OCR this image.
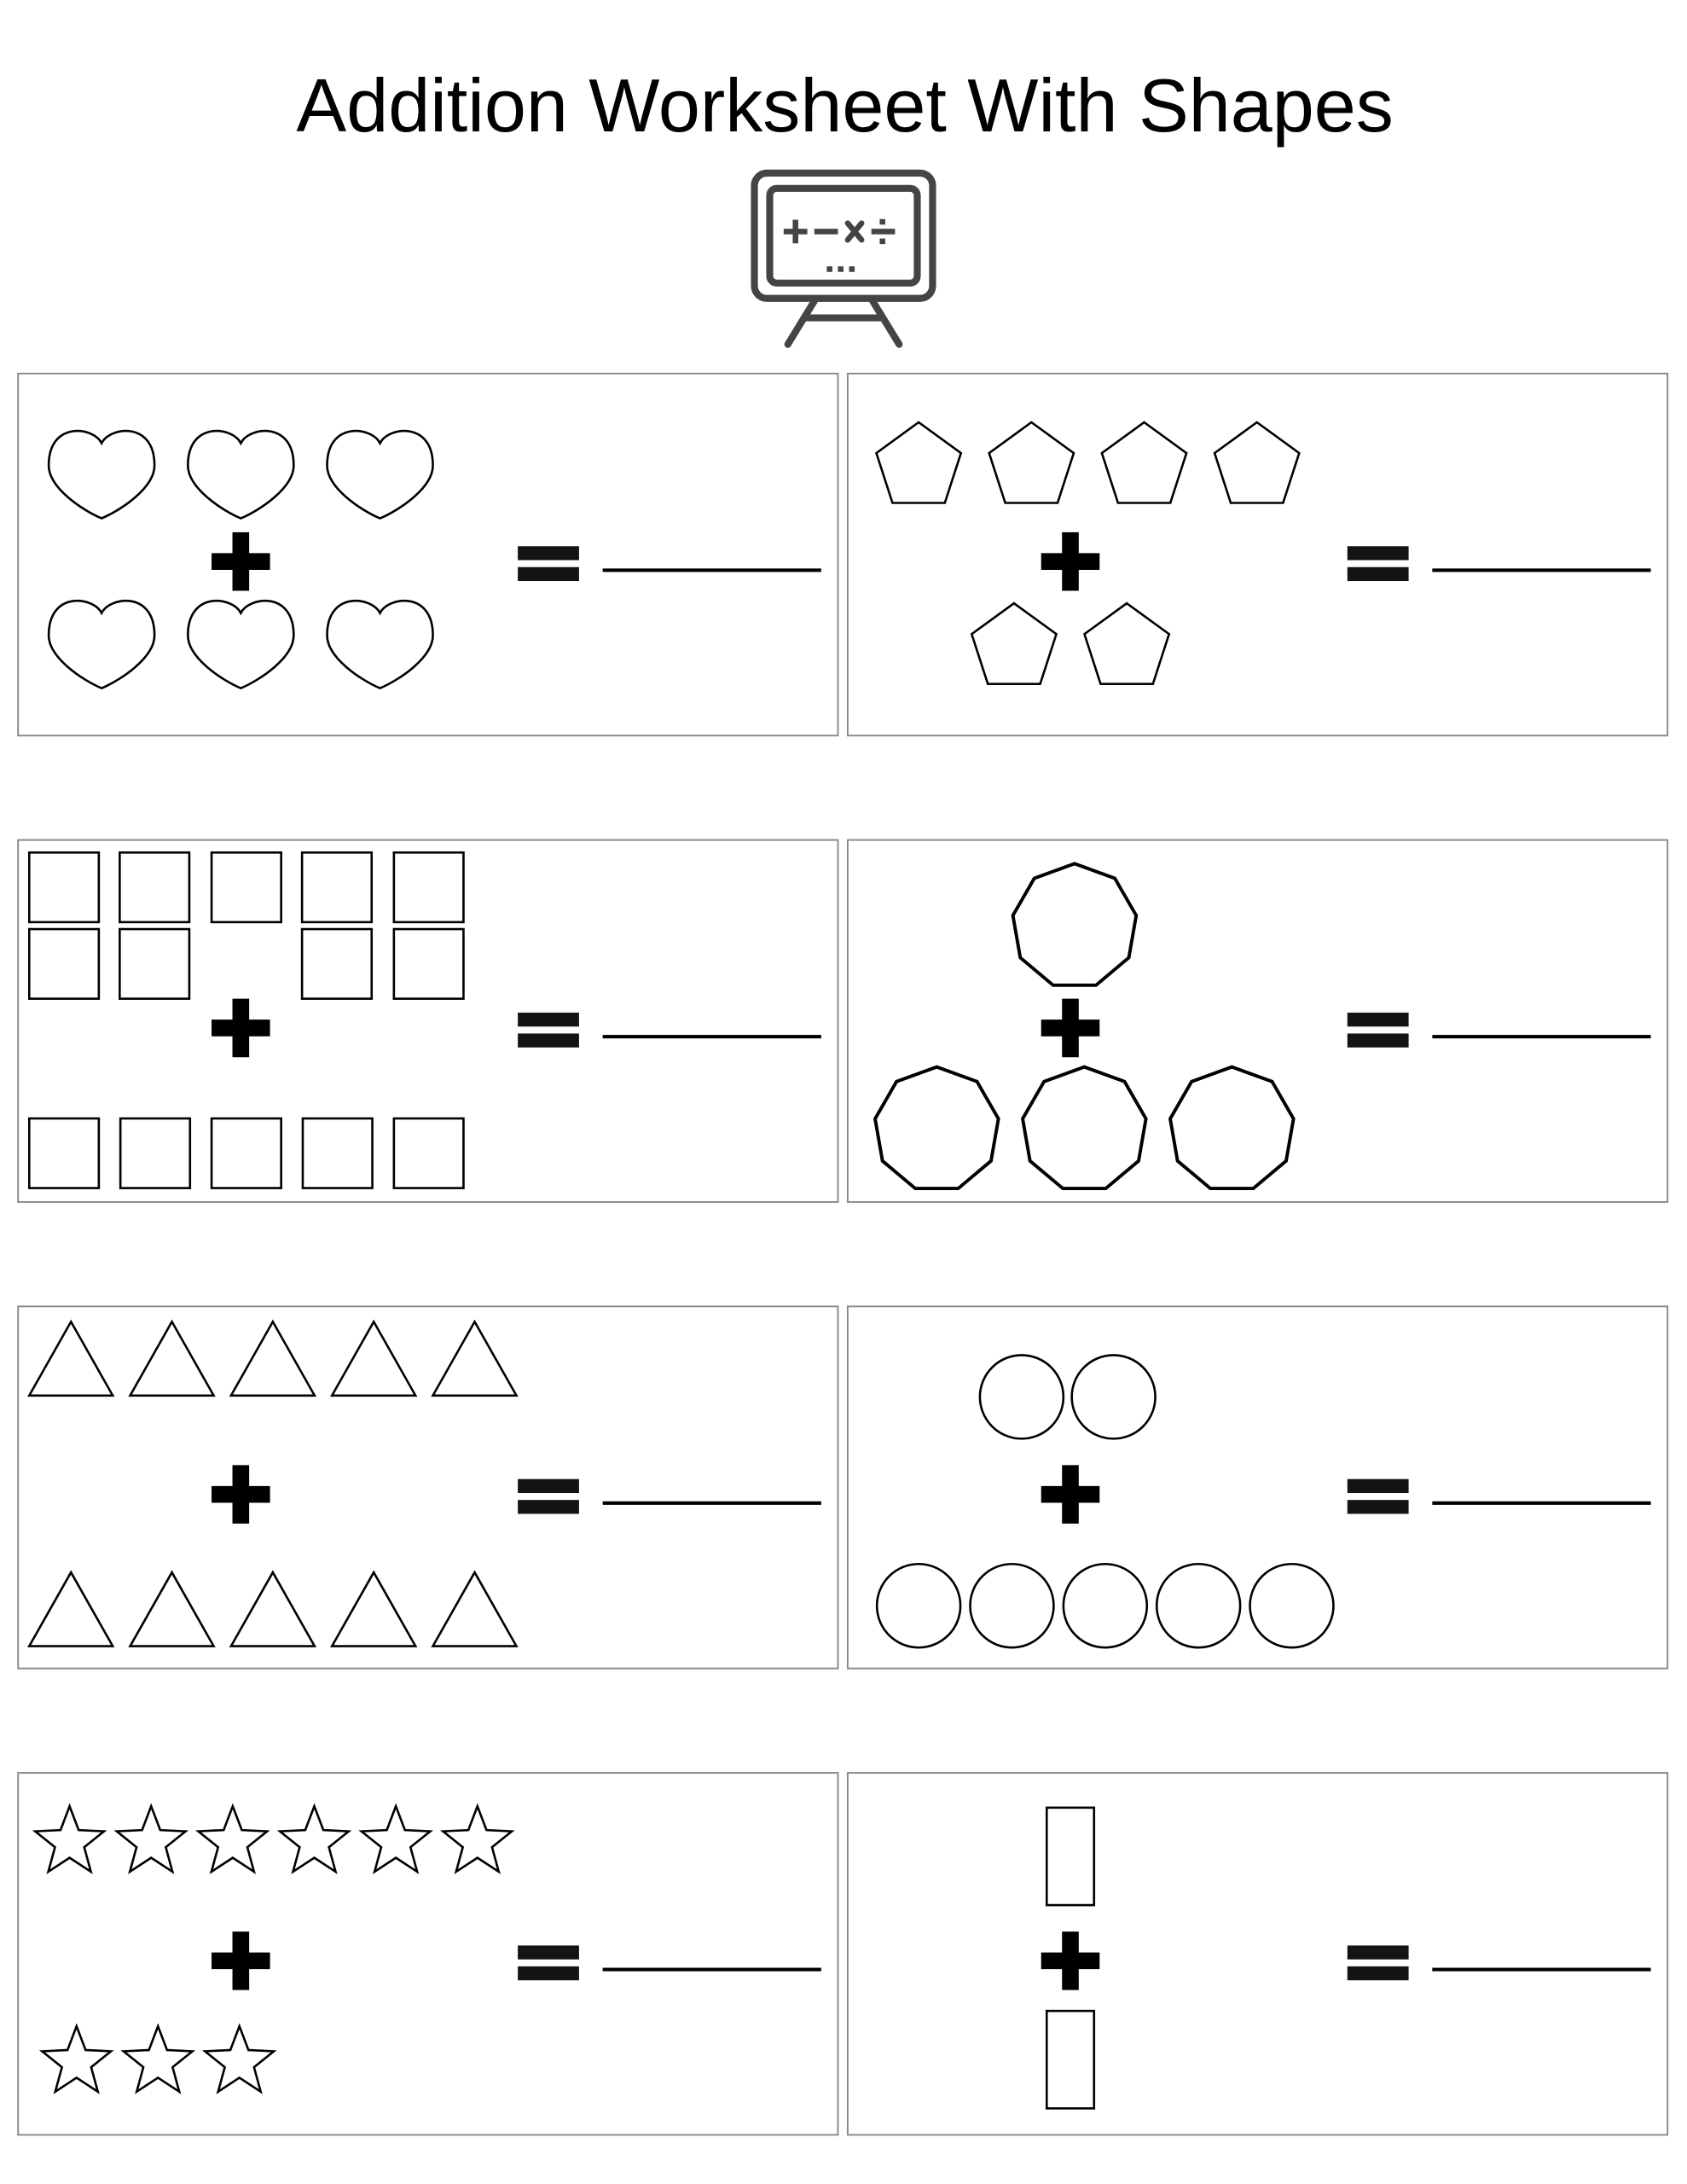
Addition Worksheet With Shapes
